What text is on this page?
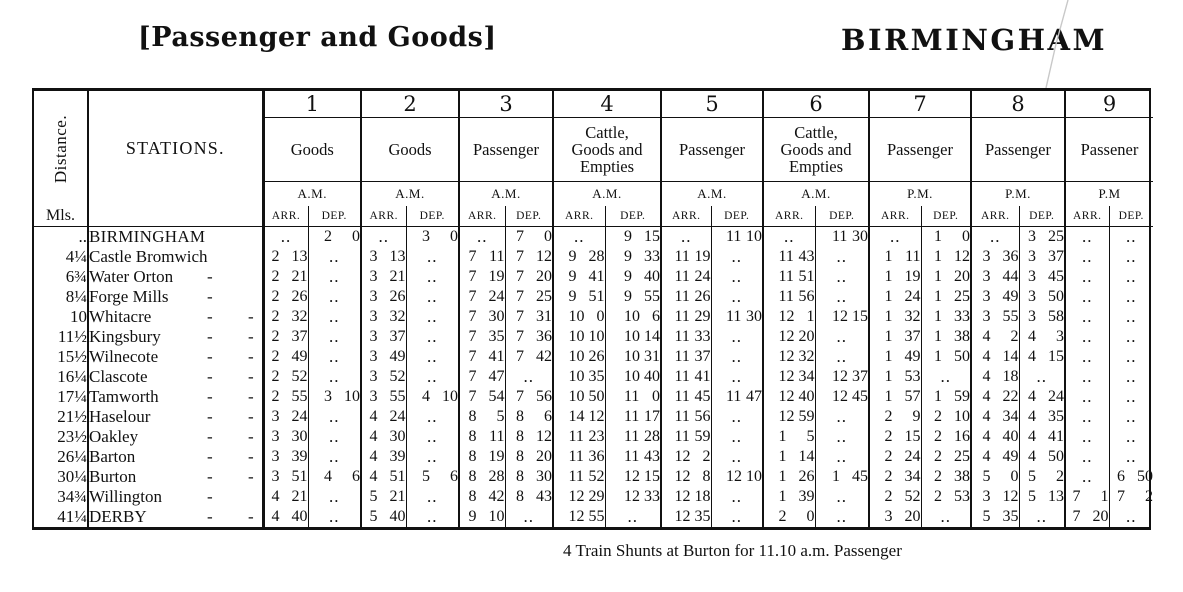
[Passenger and Goods]	BIRMINGHAM
Distance.	STATIONS.	1		2		3		4		5		6		7		8		9	
		Goods		Goods		Passenger		Cattle,
Goods and
Empties		Passenger		Cattle,
Goods and
Empties		Passenger		Passenger		Passener	
		A.M.		A.M.		A.M.		A.M.		A.M.		A.M.		P.M.		P.M.		P.M	
Mls.		ARR.	DEP.	ARR.	DEP.	ARR.	DEP.	ARR.	DEP.	ARR.	DEP.	ARR.	DEP.	ARR.	DEP.	ARR.	DEP.	ARR.	DEP.
..	BIRMINGHAM	..	2 0	..	3 0	..	7 0	..	9 15	..	11 10	..	11 30	..	1 0	..	3 25	..	..
4¼	Castle Bromwich	2 13	..	3 13	..	7 11	7 12	9 28	9 33	11 19	..	11 43	..	1 11	1 12	3 36	3 37	..	..
6¾	Water Orton -	2 21	..	3 21	..	7 19	7 20	9 41	9 40	11 24	..	11 51	..	1 19	1 20	3 44	3 45	..	..
8¼	Forge Mills -	2 26	..	3 26	..	7 24	7 25	9 51	9 55	11 26	..	11 56	..	1 24	1 25	3 49	3 50	..	..
10	Whitacre - -	2 32	..	3 32	..	7 30	7 31	10 0	10 6	11 29	11 30	12 1	12 15	1 32	1 33	3 55	3 58	..	..
11½	Kingsbury - -	2 37	..	3 37	..	7 35	7 36	10 10	10 14	11 33	..	12 20	..	1 37	1 38	4 2	4 3	..	..
15½	Wilnecote - -	2 49	..	3 49	..	7 41	7 42	10 26	10 31	11 37	..	12 32	..	1 49	1 50	4 14	4 15	..	..
16¼	Clascote - -	2 52	..	3 52	..	7 47	..	10 35	10 40	11 41	..	12 34	12 37	1 53	..	4 18	..	..	..
17¼	Tamworth - -	2 55	3 10	3 55	4 10	7 54	7 56	10 50	11 0	11 45	11 47	12 40	12 45	1 57	1 59	4 22	4 24	..	..
21½	Haselour - -	3 24	..	4 24	..	8 5	8 6	14 12	11 17	11 56	..	12 59	..	2 9	2 10	4 34	4 35	..	..
23½	Oakley - -	3 30	..	4 30	..	8 11	8 12	11 23	11 28	11 59	..	1 5	..	2 15	2 16	4 40	4 41	..	..
26¼	Barton - -	3 39	..	4 39	..	8 19	8 20	11 36	11 43	12 2	..	1 14	..	2 24	2 25	4 49	4 50	..	..
30¼	Burton - -	3 51	4 6	4 51	5 6	8 28	8 30	11 52	12 15	12 8	12 10	1 26	1 45	2 34	2 38	5 0	5 2	..	6 50
34¾	Willington -	4 21	..	5 21	..	8 42	8 43	12 29	12 33	12 18	..	1 39	..	2 52	2 53	3 12	5 13	7 1	7 2
41¼	DERBY - -	4 40	..	5 40	..	9 10	..	12 55	..	12 35	..	2 0	..	3 20	..	5 35	..	7 20	..
4 Train Shunts at Burton for 11.10 a.m. Passenger
